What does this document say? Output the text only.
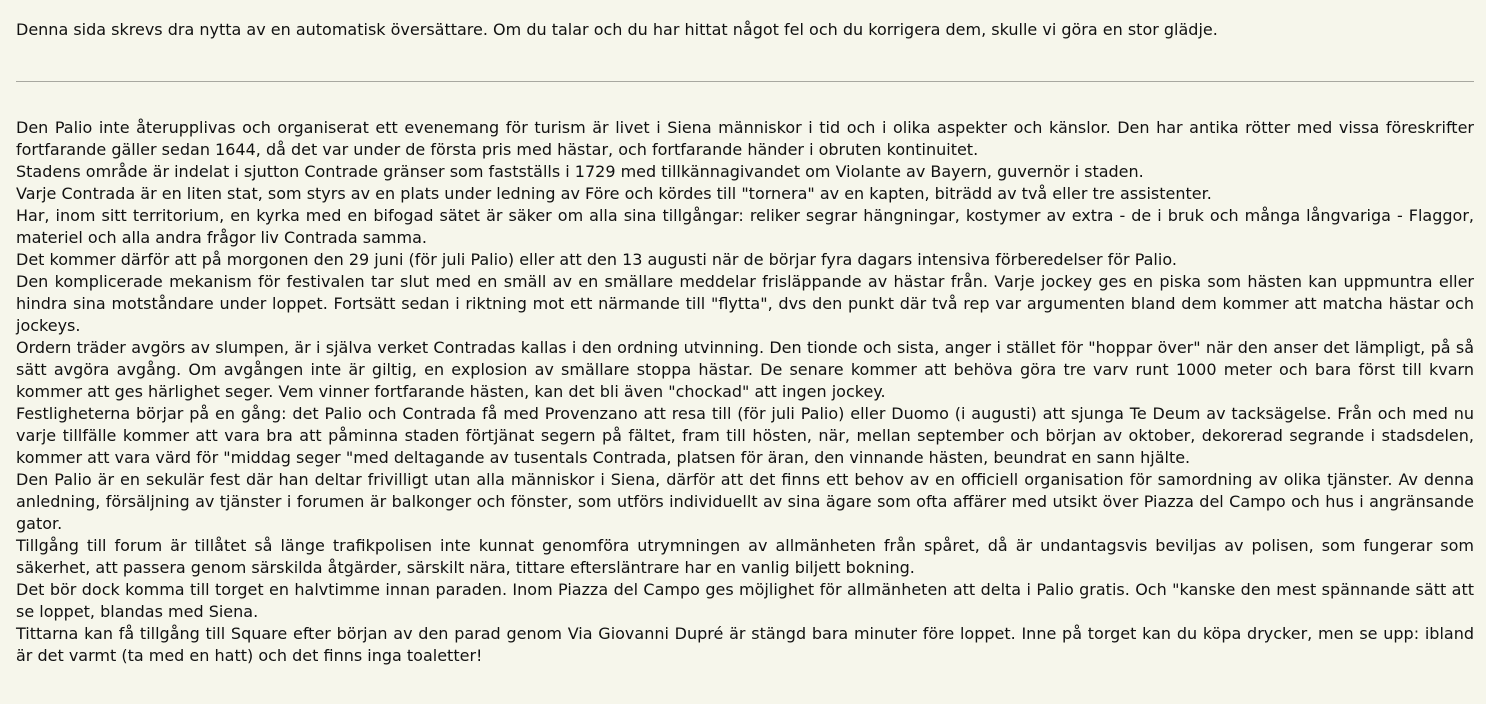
Denna sida skrevs dra nytta av en automatisk översättare. Om du talar och du har hittat något fel och du korrigera dem, skulle vi göra en stor glädje.

Den Palio inte återupplivas och organiserat ett evenemang för turism är livet i Siena människor i tid och i olika aspekter och känslor. Den har antika rötter med vissa föreskrifter fortfarande gäller sedan 1644, då det var under de första pris med hästar, och fortfarande händer i obruten kontinuitet.

Stadens område är indelat i sjutton Contrade gränser som fastställs i 1729 med tillkännagivandet om Violante av Bayern, guvernör i staden.

Varje Contrada är en liten stat, som styrs av en plats under ledning av Före och kördes till "tornera" av en kapten, biträdd av två eller tre assistenter.

Har, inom sitt territorium, en kyrka med en bifogad sätet är säker om alla sina tillgångar: reliker segrar hängningar, kostymer av extra - de i bruk och många långvariga - Flaggor, materiel och alla andra frågor liv Contrada samma.

Det kommer därför att på morgonen den 29 juni (för juli Palio) eller att den 13 augusti när de börjar fyra dagars intensiva förberedelser för Palio.

Den komplicerade mekanism för festivalen tar slut med en smäll av en smällare meddelar frisläppande av hästar från. Varje jockey ges en piska som hästen kan uppmuntra eller hindra sina motståndare under loppet. Fortsätt sedan i riktning mot ett närmande till "flytta", dvs den punkt där två rep var argumenten bland dem kommer att matcha hästar och jockeys.

Ordern träder avgörs av slumpen, är i själva verket Contradas kallas i den ordning utvinning. Den tionde och sista, anger i stället för "hoppar över" när den anser det lämpligt, på så sätt avgöra avgång. Om avgången inte är giltig, en explosion av smällare stoppa hästar. De senare kommer att behöva göra tre varv runt 1000 meter och bara först till kvarn kommer att ges härlighet seger. Vem vinner fortfarande hästen, kan det bli även "chockad" att ingen jockey.

Festligheterna börjar på en gång: det Palio och Contrada få med Provenzano att resa till (för juli Palio) eller Duomo (i augusti) att sjunga Te Deum av tacksägelse. Från och med nu varje tillfälle kommer att vara bra att påminna staden förtjänat segern på fältet, fram till hösten, när, mellan september och början av oktober, dekorerad segrande i stadsdelen, kommer att vara värd för "middag seger "med deltagande av tusentals Contrada, platsen för äran, den vinnande hästen, beundrat en sann hjälte.

Den Palio är en sekulär fest där han deltar frivilligt utan alla människor i Siena, därför att det finns ett behov av en officiell organisation för samordning av olika tjänster. Av denna anledning, försäljning av tjänster i forumen är balkonger och fönster, som utförs individuellt av sina ägare som ofta affärer med utsikt över Piazza del Campo och hus i angränsande gator.

Tillgång till forum är tillåtet så länge trafikpolisen inte kunnat genomföra utrymningen av allmänheten från spåret, då är undantagsvis beviljas av polisen, som fungerar som säkerhet, att passera genom särskilda åtgärder, särskilt nära, tittare eftersläntrare har en vanlig biljett bokning.

Det bör dock komma till torget en halvtimme innan paraden. Inom Piazza del Campo ges möjlighet för allmänheten att delta i Palio gratis. Och "kanske den mest spännande sätt att se loppet, blandas med Siena.

Tittarna kan få tillgång till Square efter början av den parad genom Via Giovanni Dupré är stängd bara minuter före loppet. Inne på torget kan du köpa drycker, men se upp: ibland är det varmt (ta med en hatt) och det finns inga toaletter!
